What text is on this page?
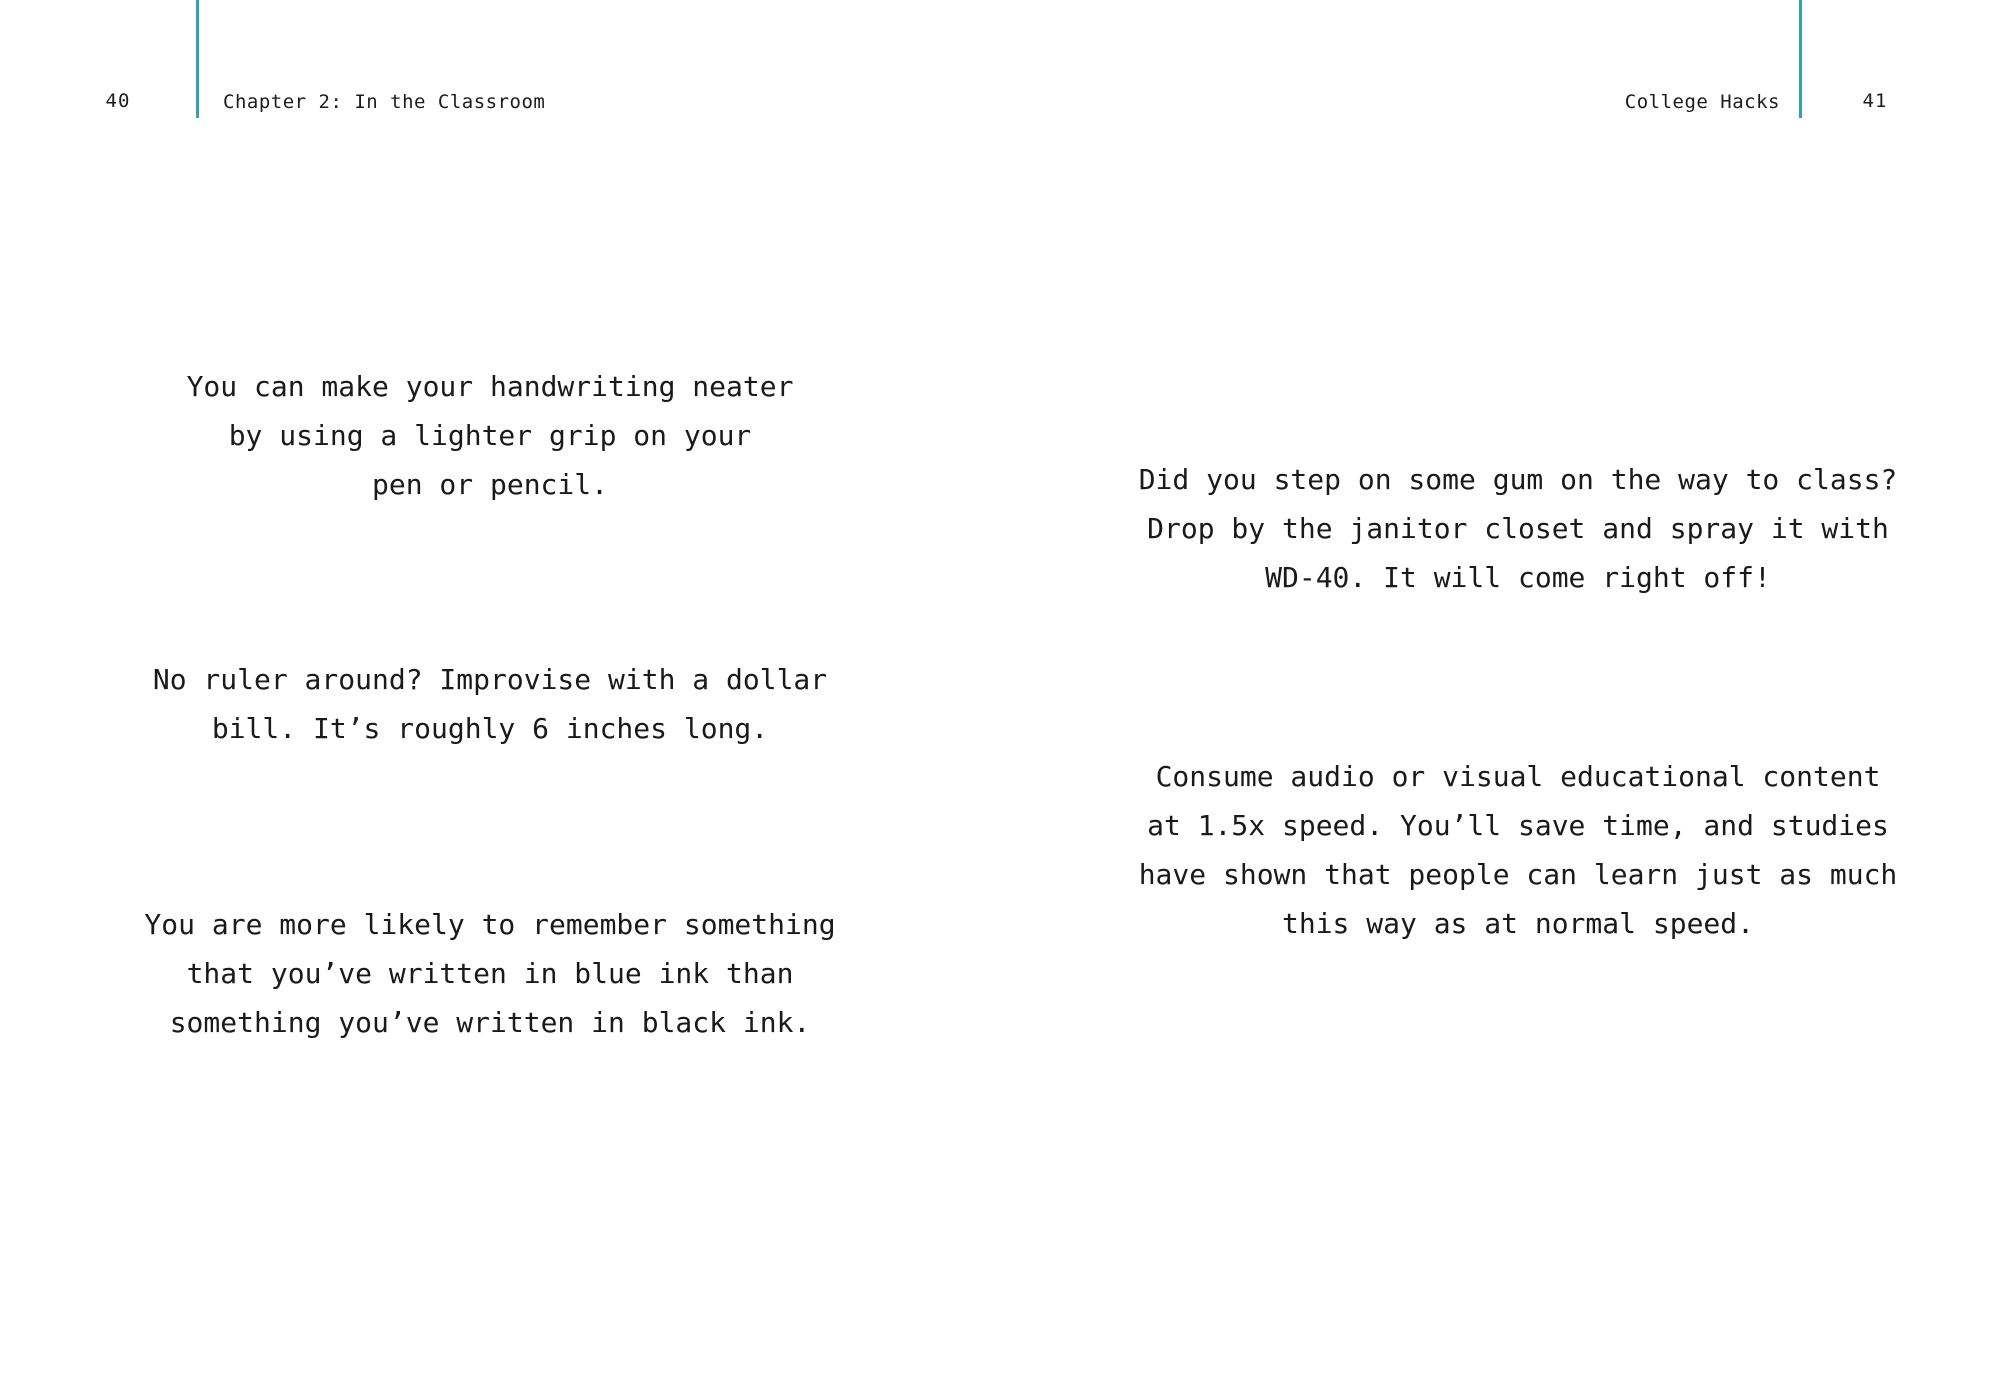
40	Chapter 2: In the Classroom	College Hacks	41
You can make your handwriting neater
by using a lighter grip on your
pen or pencil.
No ruler around? Improvise with a dollar
bill. It’s roughly 6 inches long.
You are more likely to remember something
that you’ve written in blue ink than
something you’ve written in black ink.
Did you step on some gum on the way to class?
Drop by the janitor closet and spray it with
WD-40. It will come right off!
Consume audio or visual educational content
at 1.5x speed. You’ll save time, and studies
have shown that people can learn just as much
this way as at normal speed.
